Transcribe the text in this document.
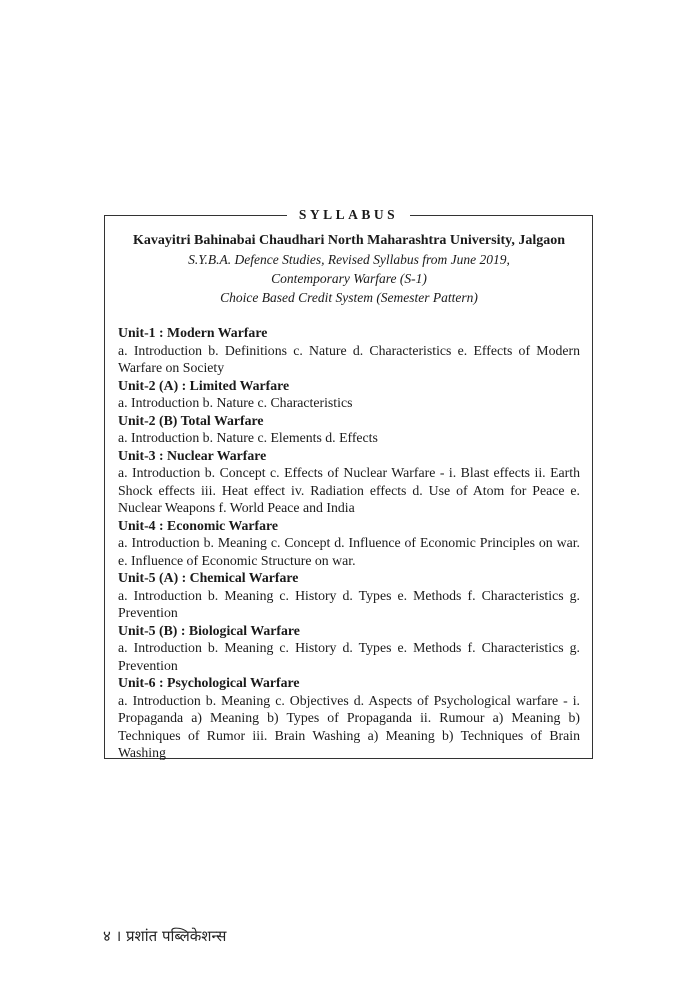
SYLLABUS
Kavayitri Bahinabai Chaudhari North Maharashtra University, Jalgaon
S.Y.B.A. Defence Studies, Revised Syllabus from June 2019,
Contemporary Warfare (S-1)
Choice Based Credit System (Semester Pattern)
Unit-1 : Modern Warfare
a. Introduction b. Definitions c. Nature d. Characteristics e. Effects of Modern Warfare on Society
Unit-2 (A) : Limited Warfare
a. Introduction b. Nature c. Characteristics
Unit-2 (B) Total Warfare
a. Introduction b. Nature c. Elements d. Effects
Unit-3 : Nuclear Warfare
a. Introduction b. Concept c. Effects of Nuclear Warfare - i. Blast effects ii. Earth Shock effects iii. Heat effect iv. Radiation effects d. Use of Atom for Peace e. Nuclear Weapons f. World Peace and India
Unit-4 : Economic Warfare
a. Introduction b. Meaning c. Concept d. Influence of Economic Principles on war. e. Influence of Economic Structure on war.
Unit-5 (A) : Chemical Warfare
a. Introduction b. Meaning c. History d. Types e. Methods f. Characteristics g. Prevention
Unit-5 (B) : Biological Warfare
a. Introduction b. Meaning c. History d. Types e. Methods f. Characteristics g. Prevention
Unit-6 : Psychological Warfare
a. Introduction b. Meaning c. Objectives d. Aspects of Psychological warfare - i. Propaganda a) Meaning b) Types of Propaganda ii. Rumour a) Meaning b) Techniques of Rumor iii. Brain Washing a) Meaning b) Techniques of Brain Washing
४ । प्रशांत पब्लिकेशन्स
